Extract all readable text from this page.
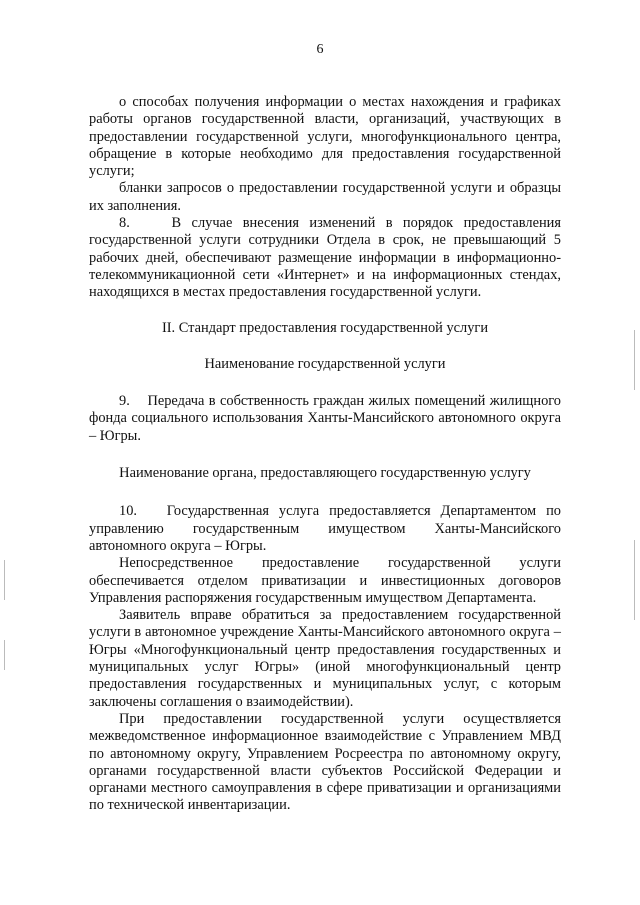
6

о способах получения информации о местах нахождения и графиках работы органов государственной власти, организаций, участвующих в предоставлении государственной услуги, многофункционального центра, обращение в которые необходимо для предоставления государственной услуги;

бланки запросов о предоставлении государственной услуги и образцы их заполнения.

8.    В случае внесения изменений в порядок предоставления государственной услуги сотрудники Отдела в срок, не превышающий 5 рабочих дней, обеспечивают размещение информации в информационно-телекоммуникационной сети «Интернет» и на информационных стендах, находящихся в местах предоставления государственной услуги.

II. Стандарт предоставления государственной услуги

Наименование государственной услуги

9.    Передача в собственность граждан жилых помещений жилищного фонда социального использования Ханты-Мансийского автономного округа – Югры.

Наименование органа, предоставляющего государственную услугу

10.   Государственная услуга предоставляется Департаментом по управлению государственным имуществом Ханты-Мансийского автономного округа – Югры.

Непосредственное предоставление государственной услуги обеспечивается отделом приватизации и инвестиционных договоров Управления распоряжения государственным имуществом Департамента.

Заявитель вправе обратиться за предоставлением государственной услуги в автономное учреждение Ханты-Мансийского автономного округа – Югры «Многофункциональный центр предоставления государственных и муниципальных услуг Югры» (иной многофункциональный центр предоставления государственных и муниципальных услуг, с которым заключены соглашения о взаимодействии).

При предоставлении государственной услуги осуществляется межведомственное информационное взаимодействие с Управлением МВД по автономному округу, Управлением Росреестра по автономному округу, органами государственной власти субъектов Российской Федерации и органами местного самоуправления в сфере приватизации и организациями по технической инвентаризации.
